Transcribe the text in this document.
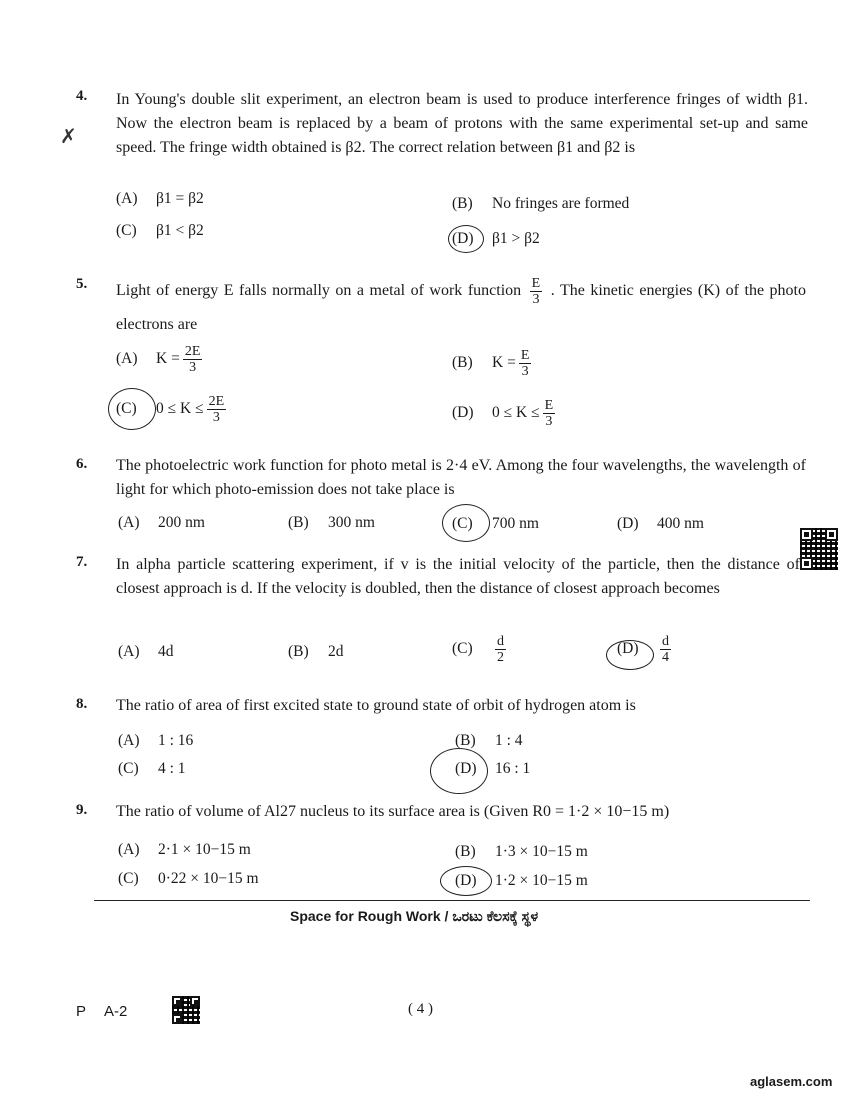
4. In Young's double slit experiment, an electron beam is used to produce interference fringes of width β1. Now the electron beam is replaced by a beam of protons with the same experimental set-up and same speed. The fringe width obtained is β2. The correct relation between β1 and β2 is
✗
(A) β1 = β2	(B) No fringes are formed
(C) β1 < β2	(D) β1 > β2
5. Light of energy E falls normally on a metal of work function $\frac{E}{3}$ . The kinetic energies (K) of the photo electrons are
(A) $K = \frac{2E}{3}$	(B) $K = \frac{E}{3}$
(C) $0 \le K \le \frac{2E}{3}$	(D) $0 \le K \le \frac{E}{3}$
6. The photoelectric work function for photo metal is 2·4 eV. Among the four wavelengths, the wavelength of light for which photo-emission does not take place is
(A) 200 nm	(B) 300 nm	(C) 700 nm	(D) 400 nm
7. In alpha particle scattering experiment, if v is the initial velocity of the particle, then the distance of closest approach is d. If the velocity is doubled, then the distance of closest approach becomes
(A) 4d	(B) 2d	$(C) \frac{d}{2}$	$(D) \frac{d}{4}$
8. The ratio of area of first excited state to ground state of orbit of hydrogen atom is
(A) 1 : 16	(B) 1 : 4
(C) 4 : 1	(D) 16 : 1
9. The ratio of volume of Al27 nucleus to its surface area is (Given R0 = 1·2 × 10−15 m)
(A) 2·1 × 10−15 m	(B) 1·3 × 10−15 m
(C) 0·22 × 10−15 m	(D) 1·2 × 10−15 m
Space for Rough Work / ಒರಟು ಕೆಲಸಕ್ಕೆ ಸ್ಥಳ
P A-2	( 4 )
aglasem.com
